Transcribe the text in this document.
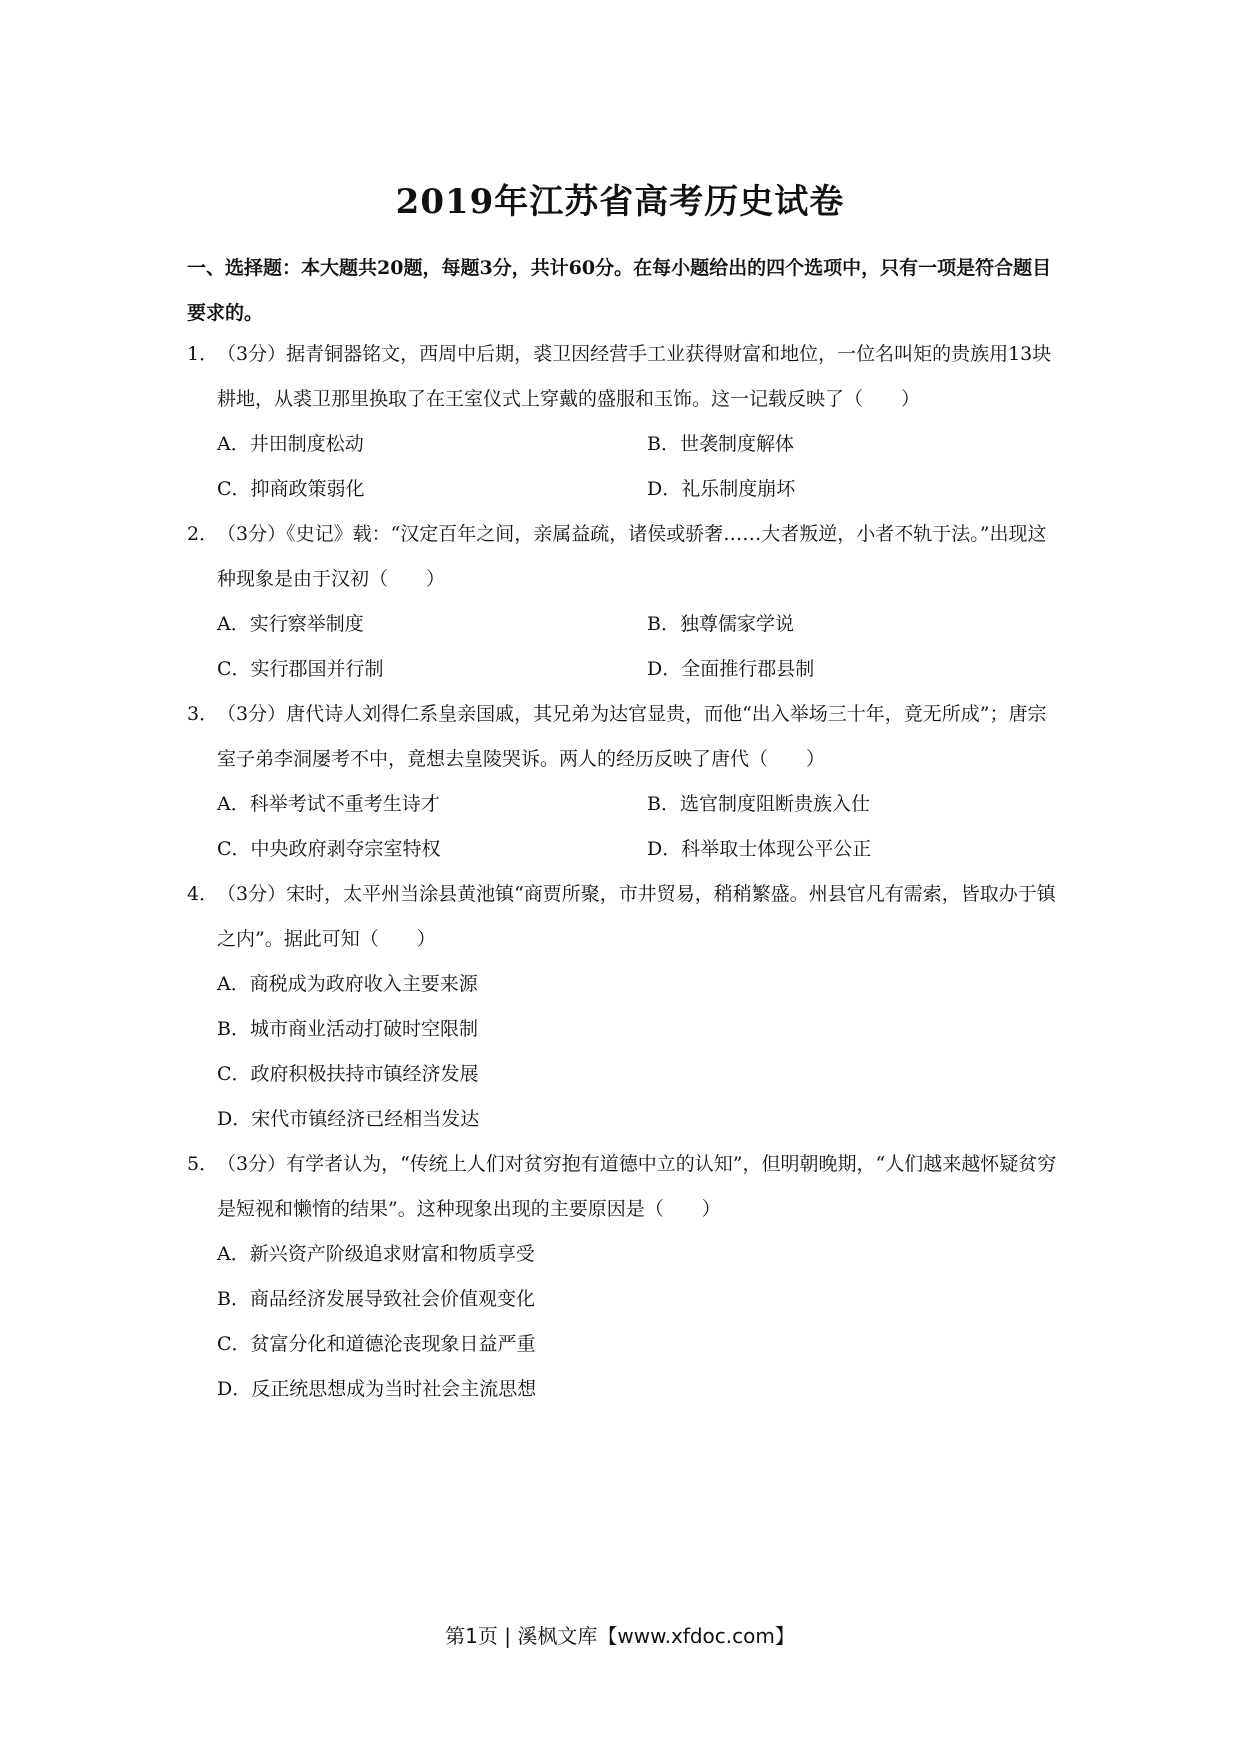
2019年江苏省高考历史试卷
一、选择题：本大题共20题，每题3分，共计60分。在每小题给出的四个选项中，只有一项是符合题目要求的。
1．
（3分）据青铜器铭文，西周中后期，裘卫因经营手工业获得财富和地位，一位名叫矩的贵族用13块耕地，从裘卫那里换取了在王室仪式上穿戴的盛服和玉饰。这一记载反映了（　　）
A．井田制度松动	B．世袭制度解体
C．抑商政策弱化	D．礼乐制度崩坏
2．
（3分）《史记》载：“汉定百年之间，亲属益疏，诸侯或骄奢……大者叛逆，小者不轨于法。”出现这种现象是由于汉初（　　）
A．实行察举制度	B．独尊儒家学说
C．实行郡国并行制	D．全面推行郡县制
3．
（3分）唐代诗人刘得仁系皇亲国戚，其兄弟为达官显贵，而他“出入举场三十年，竟无所成”；唐宗室子弟李洞屡考不中，竟想去皇陵哭诉。两人的经历反映了唐代（　　）
A．科举考试不重考生诗才	B．选官制度阻断贵族入仕
C．中央政府剥夺宗室特权	D．科举取士体现公平公正
4．
（3分）宋时，太平州当涂县黄池镇“商贾所聚，市井贸易，稍稍繁盛。州县官凡有需索，皆取办于镇之内”。据此可知（　　）
A．商税成为政府收入主要来源
B．城市商业活动打破时空限制
C．政府积极扶持市镇经济发展
D．宋代市镇经济已经相当发达
5．
（3分）有学者认为，“传统上人们对贫穷抱有道德中立的认知”，但明朝晚期，“人们越来越怀疑贫穷是短视和懒惰的结果”。这种现象出现的主要原因是（　　）
A．新兴资产阶级追求财富和物质享受
B．商品经济发展导致社会价值观变化
C．贫富分化和道德沦丧现象日益严重
D．反正统思想成为当时社会主流思想
第1页 | 溪枫文库【www.xfdoc.com】
